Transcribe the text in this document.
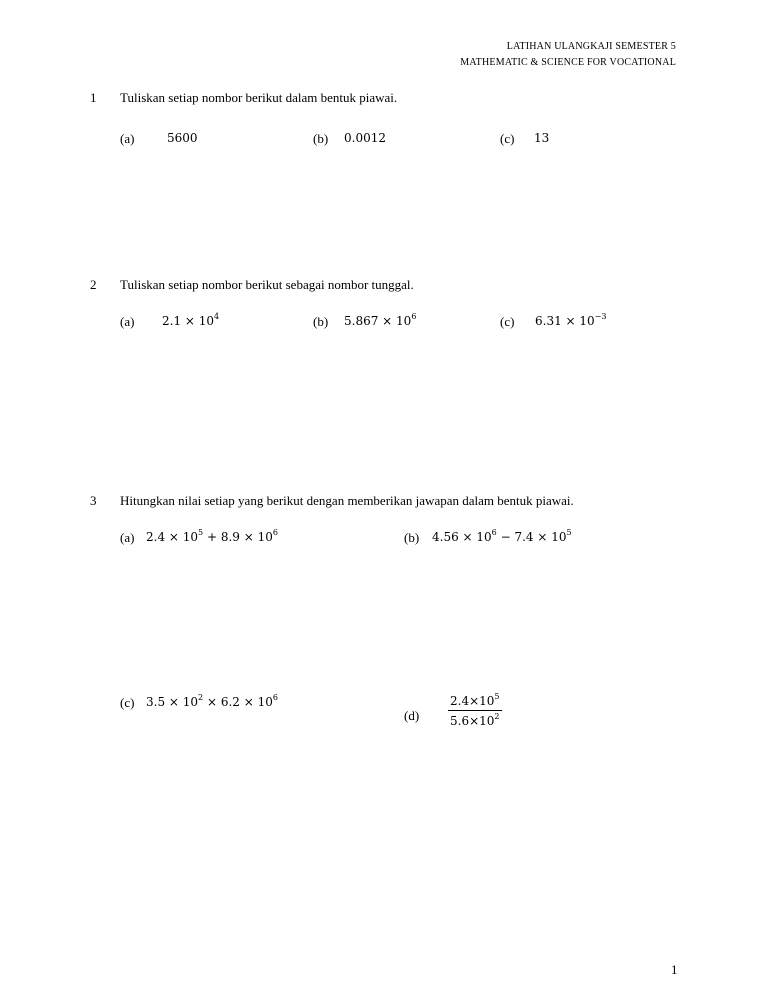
LATIHAN ULANGKAJI SEMESTER 5
MATHEMATIC & SCIENCE FOR VOCATIONAL
1 Tuliskan setiap nombor berikut dalam bentuk piawai.
(a)	5600	(b) 0.0012	(c) 13
2 Tuliskan setiap nombor berikut sebagai nombor tunggal.
(a) $2.1 \times 10^4$	(b) $5.867 \times 10^6$	(c) $6.31 \times 10^{-3}$
3 Hitungkan nilai setiap yang berikut dengan memberikan jawapan dalam bentuk piawai.
(a) $2.4 \times 10^5 + 8.9 \times 10^6$	(b) $4.56 \times 10^6 - 7.4 \times 10^5$
(c) $3.5 \times 10^2 \times 6.2 \times 10^6$
$(d) \frac{2.4\times 10^5}{5.6\times 10^2}$
1
